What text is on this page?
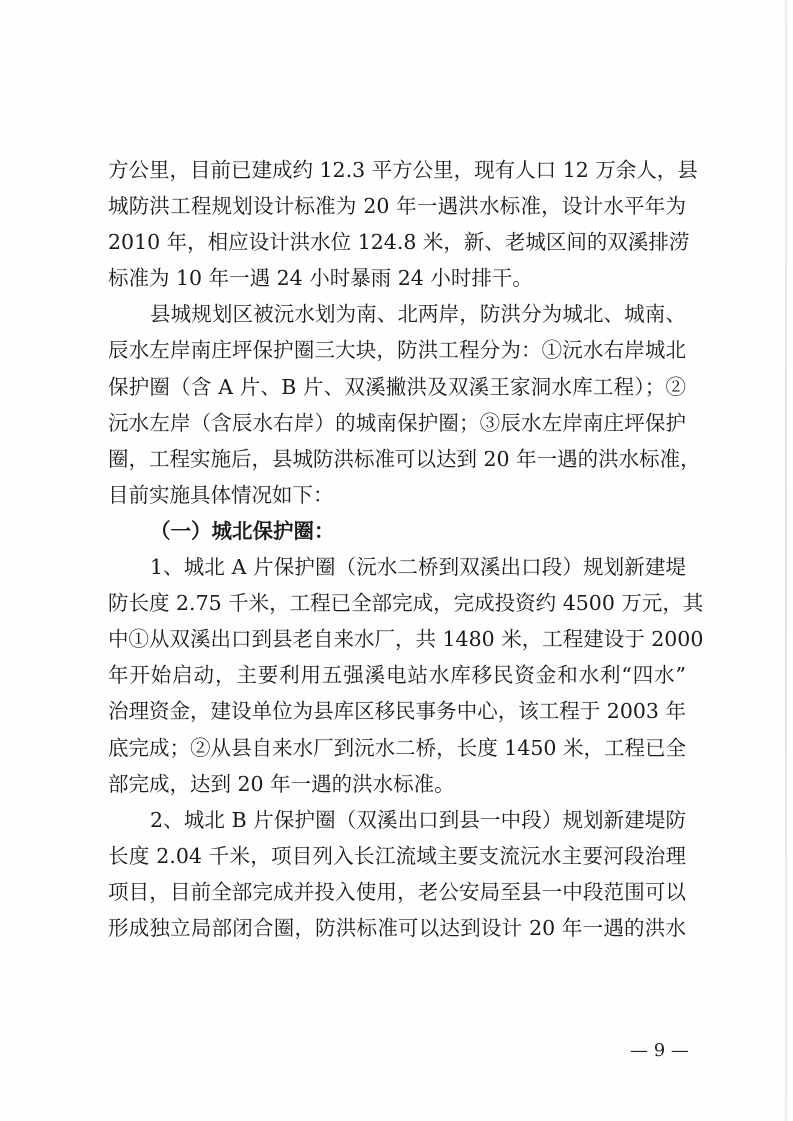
方公里，目前已建成约 12.3 平方公里，现有人口 12 万余人，县
城防洪工程规划设计标准为 20 年一遇洪水标准，设计水平年为
2010 年，相应设计洪水位 124.8 米，新、老城区间的双溪排涝
标准为 10 年一遇 24 小时暴雨 24 小时排干。
县城规划区被沅水划为南、北两岸，防洪分为城北、城南、
辰水左岸南庄坪保护圈三大块，防洪工程分为：①沅水右岸城北
保护圈（含 A 片、B 片、双溪撇洪及双溪王家洞水库工程）；②
沅水左岸（含辰水右岸）的城南保护圈；③辰水左岸南庄坪保护
圈，工程实施后，县城防洪标准可以达到 20 年一遇的洪水标准，
目前实施具体情况如下：
（一）城北保护圈：
1、城北 A 片保护圈（沅水二桥到双溪出口段）规划新建堤
防长度 2.75 千米，工程已全部完成，完成投资约 4500 万元，其
中①从双溪出口到县老自来水厂，共 1480 米，工程建设于 2000
年开始启动，主要利用五强溪电站水库移民资金和水利“四水”
治理资金，建设单位为县库区移民事务中心，该工程于 2003 年
底完成；②从县自来水厂到沅水二桥，长度 1450 米，工程已全
部完成，达到 20 年一遇的洪水标准。
2、城北 B 片保护圈（双溪出口到县一中段）规划新建堤防
长度 2.04 千米，项目列入长江流域主要支流沅水主要河段治理
项目，目前全部完成并投入使用，老公安局至县一中段范围可以
形成独立局部闭合圈，防洪标准可以达到设计 20 年一遇的洪水
— 9 —
